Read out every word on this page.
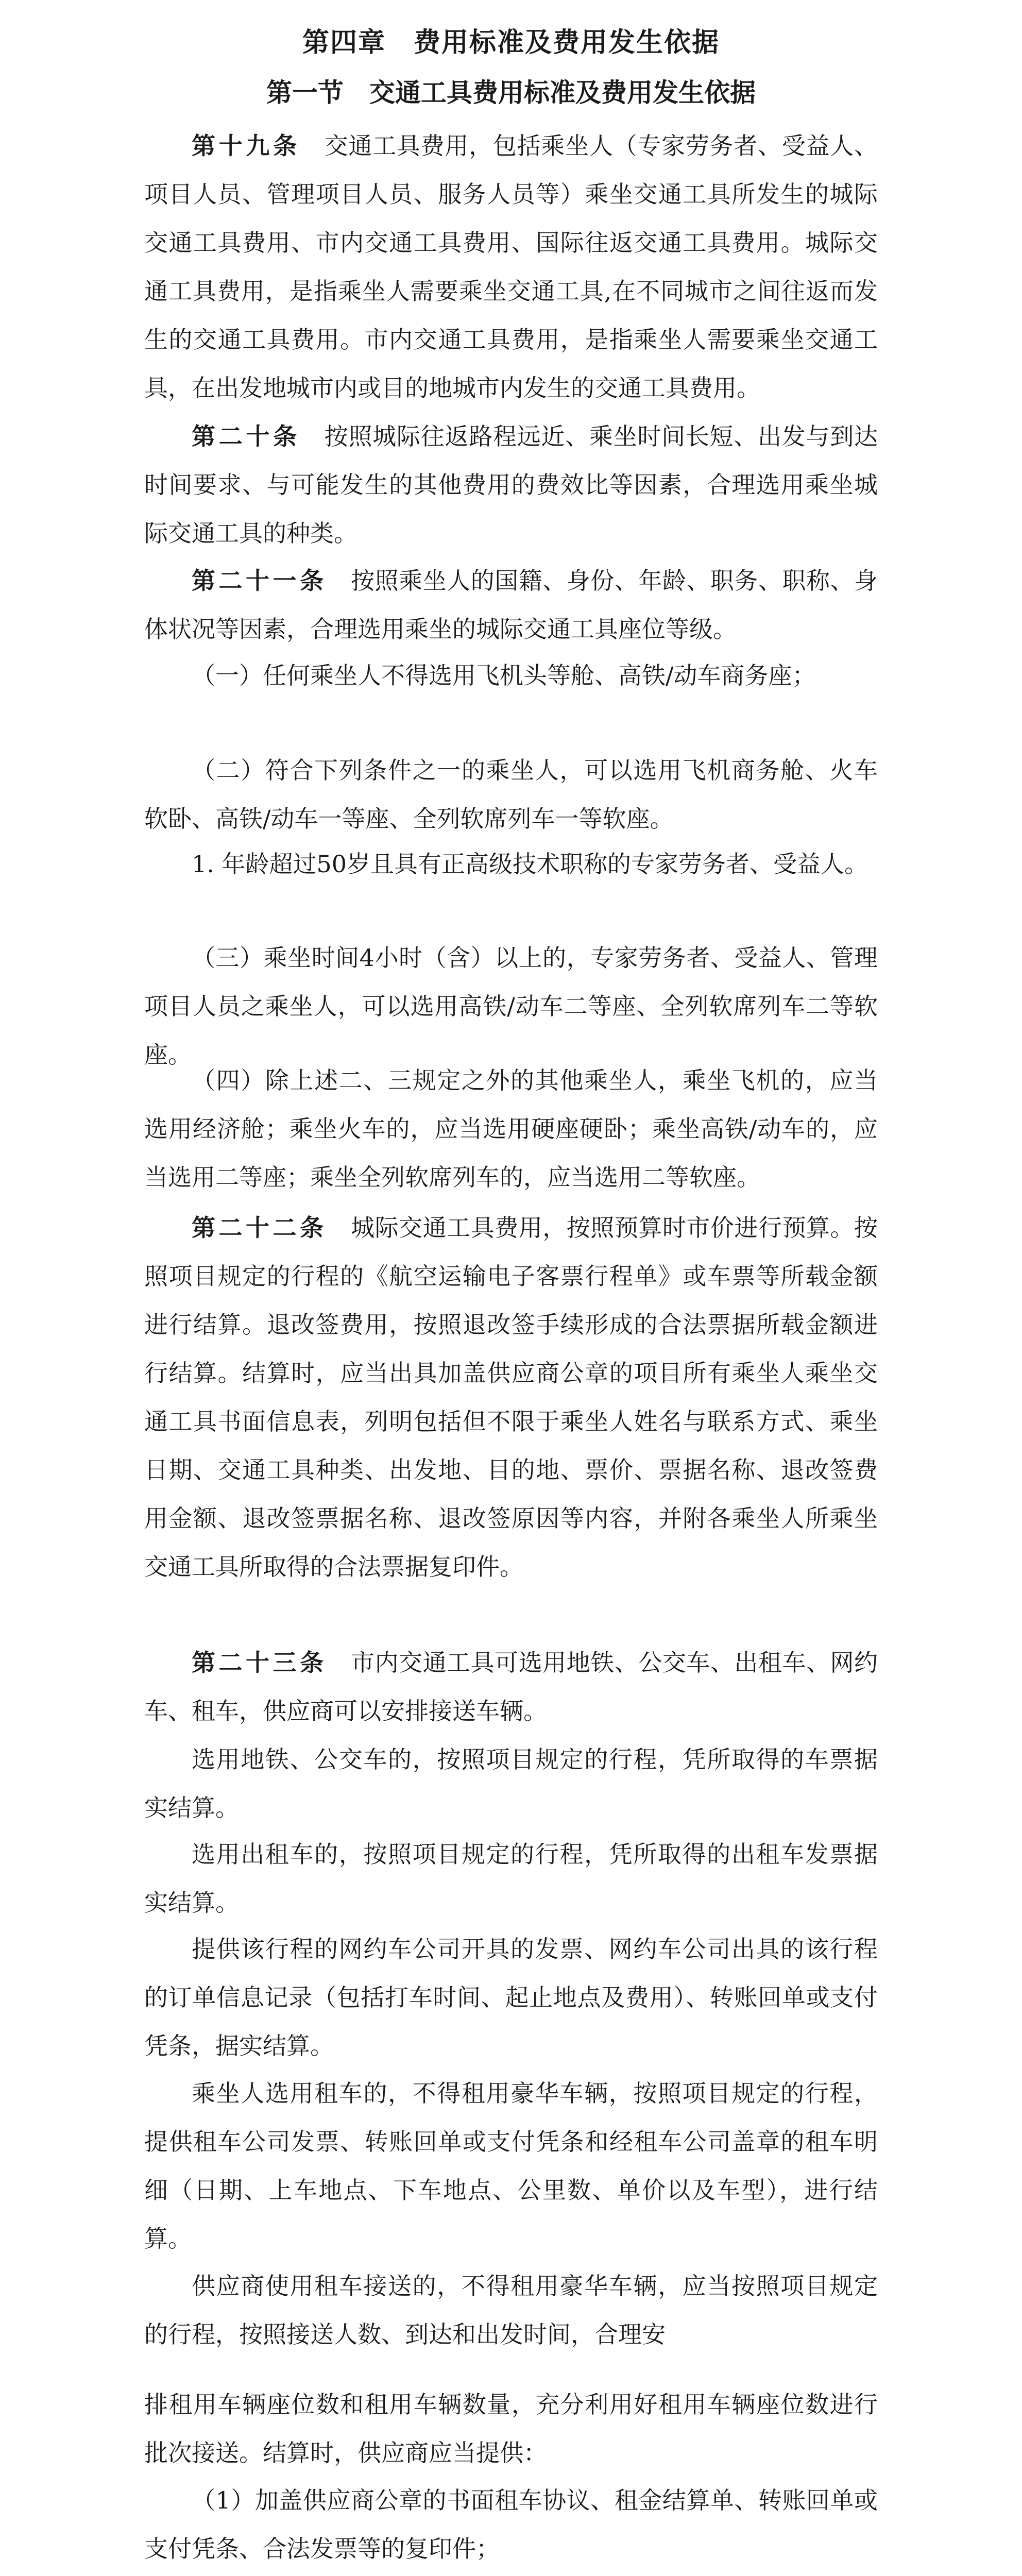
第四章　费用标准及费用发生依据
第一节　交通工具费用标准及费用发生依据

第十九条　交通工具费用，包括乘坐人（专家劳务者、受益人、项目人员、管理项目人员、服务人员等）乘坐交通工具所发生的城际交通工具费用、市内交通工具费用、国际往返交通工具费用。城际交通工具费用，是指乘坐人需要乘坐交通工具,在不同城市之间往返而发生的交通工具费用。市内交通工具费用，是指乘坐人需要乘坐交通工具，在出发地城市内或目的地城市内发生的交通工具费用。

第二十条　按照城际往返路程远近、乘坐时间长短、出发与到达时间要求、与可能发生的其他费用的费效比等因素，合理选用乘坐城际交通工具的种类。

第二十一条　按照乘坐人的国籍、身份、年龄、职务、职称、身体状况等因素，合理选用乘坐的城际交通工具座位等级。

（一）任何乘坐人不得选用飞机头等舱、高铁/动车商务座；

（二）符合下列条件之一的乘坐人，可以选用飞机商务舱、火车软卧、高铁/动车一等座、全列软席列车一等软座。

1. 年龄超过50岁且具有正高级技术职称的专家劳务者、受益人。

（三）乘坐时间4小时（含）以上的，专家劳务者、受益人、管理项目人员之乘坐人，可以选用高铁/动车二等座、全列软席列车二等软座。

（四）除上述二、三规定之外的其他乘坐人，乘坐飞机的，应当选用经济舱；乘坐火车的，应当选用硬座硬卧；乘坐高铁/动车的，应当选用二等座；乘坐全列软席列车的，应当选用二等软座。

第二十二条　城际交通工具费用，按照预算时市价进行预算。按照项目规定的行程的《航空运输电子客票行程单》或车票等所载金额进行结算。退改签费用，按照退改签手续形成的合法票据所载金额进行结算。结算时，应当出具加盖供应商公章的项目所有乘坐人乘坐交通工具书面信息表，列明包括但不限于乘坐人姓名与联系方式、乘坐日期、交通工具种类、出发地、目的地、票价、票据名称、退改签费用金额、退改签票据名称、退改签原因等内容，并附各乘坐人所乘坐交通工具所取得的合法票据复印件。

第二十三条　市内交通工具可选用地铁、公交车、出租车、网约车、租车，供应商可以安排接送车辆。

选用地铁、公交车的，按照项目规定的行程，凭所取得的车票据实结算。

选用出租车的，按照项目规定的行程，凭所取得的出租车发票据实结算。

提供该行程的网约车公司开具的发票、网约车公司出具的该行程的订单信息记录（包括打车时间、起止地点及费用）、转账回单或支付凭条，据实结算。

乘坐人选用租车的，不得租用豪华车辆，按照项目规定的行程，提供租车公司发票、转账回单或支付凭条和经租车公司盖章的租车明细（日期、上车地点、下车地点、公里数、单价以及车型），进行结算。

供应商使用租车接送的，不得租用豪华车辆，应当按照项目规定的行程，按照接送人数、到达和出发时间，合理安

排租用车辆座位数和租用车辆数量，充分利用好租用车辆座位数进行批次接送。结算时，供应商应当提供：

（1）加盖供应商公章的书面租车协议、租金结算单、转账回单或支付凭条、合法发票等的复印件；
